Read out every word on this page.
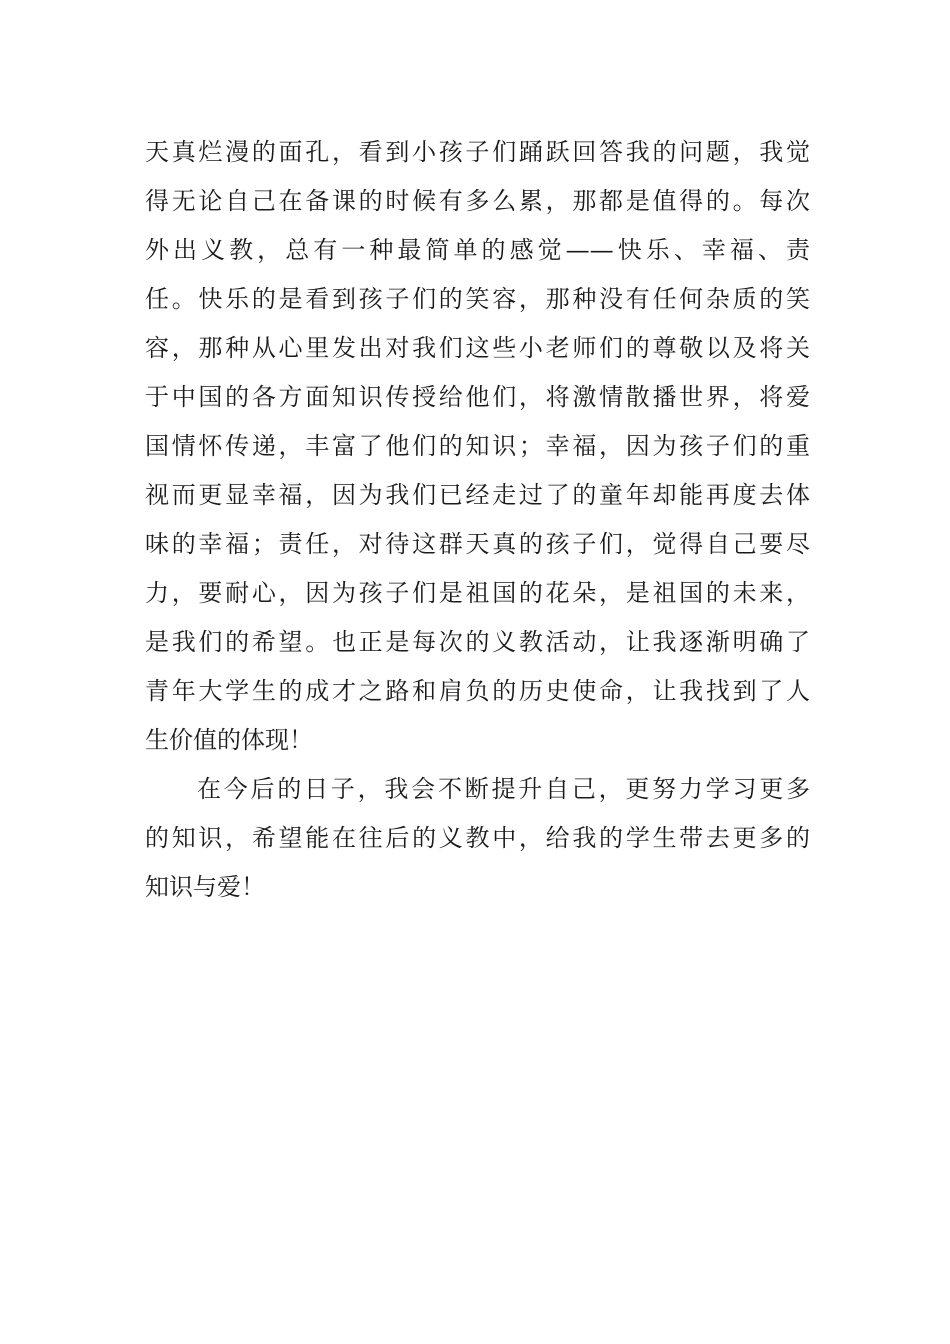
天真烂漫的面孔，看到小孩子们踊跃回答我的问题，我觉
得无论自己在备课的时候有多么累，那都是值得的。每次
外出义教，总有一种最简单的感觉——快乐、幸福、责
任。快乐的是看到孩子们的笑容，那种没有任何杂质的笑
容，那种从心里发出对我们这些小老师们的尊敬以及将关
于中国的各方面知识传授给他们，将激情散播世界，将爱
国情怀传递，丰富了他们的知识；幸福，因为孩子们的重
视而更显幸福，因为我们已经走过了的童年却能再度去体
味的幸福；责任，对待这群天真的孩子们，觉得自己要尽
力，要耐心，因为孩子们是祖国的花朵，是祖国的未来，
是我们的希望。也正是每次的义教活动，让我逐渐明确了
青年大学生的成才之路和肩负的历史使命，让我找到了人
生价值的体现！
在今后的日子，我会不断提升自己，更努力学习更多
的知识，希望能在往后的义教中，给我的学生带去更多的
知识与爱！
